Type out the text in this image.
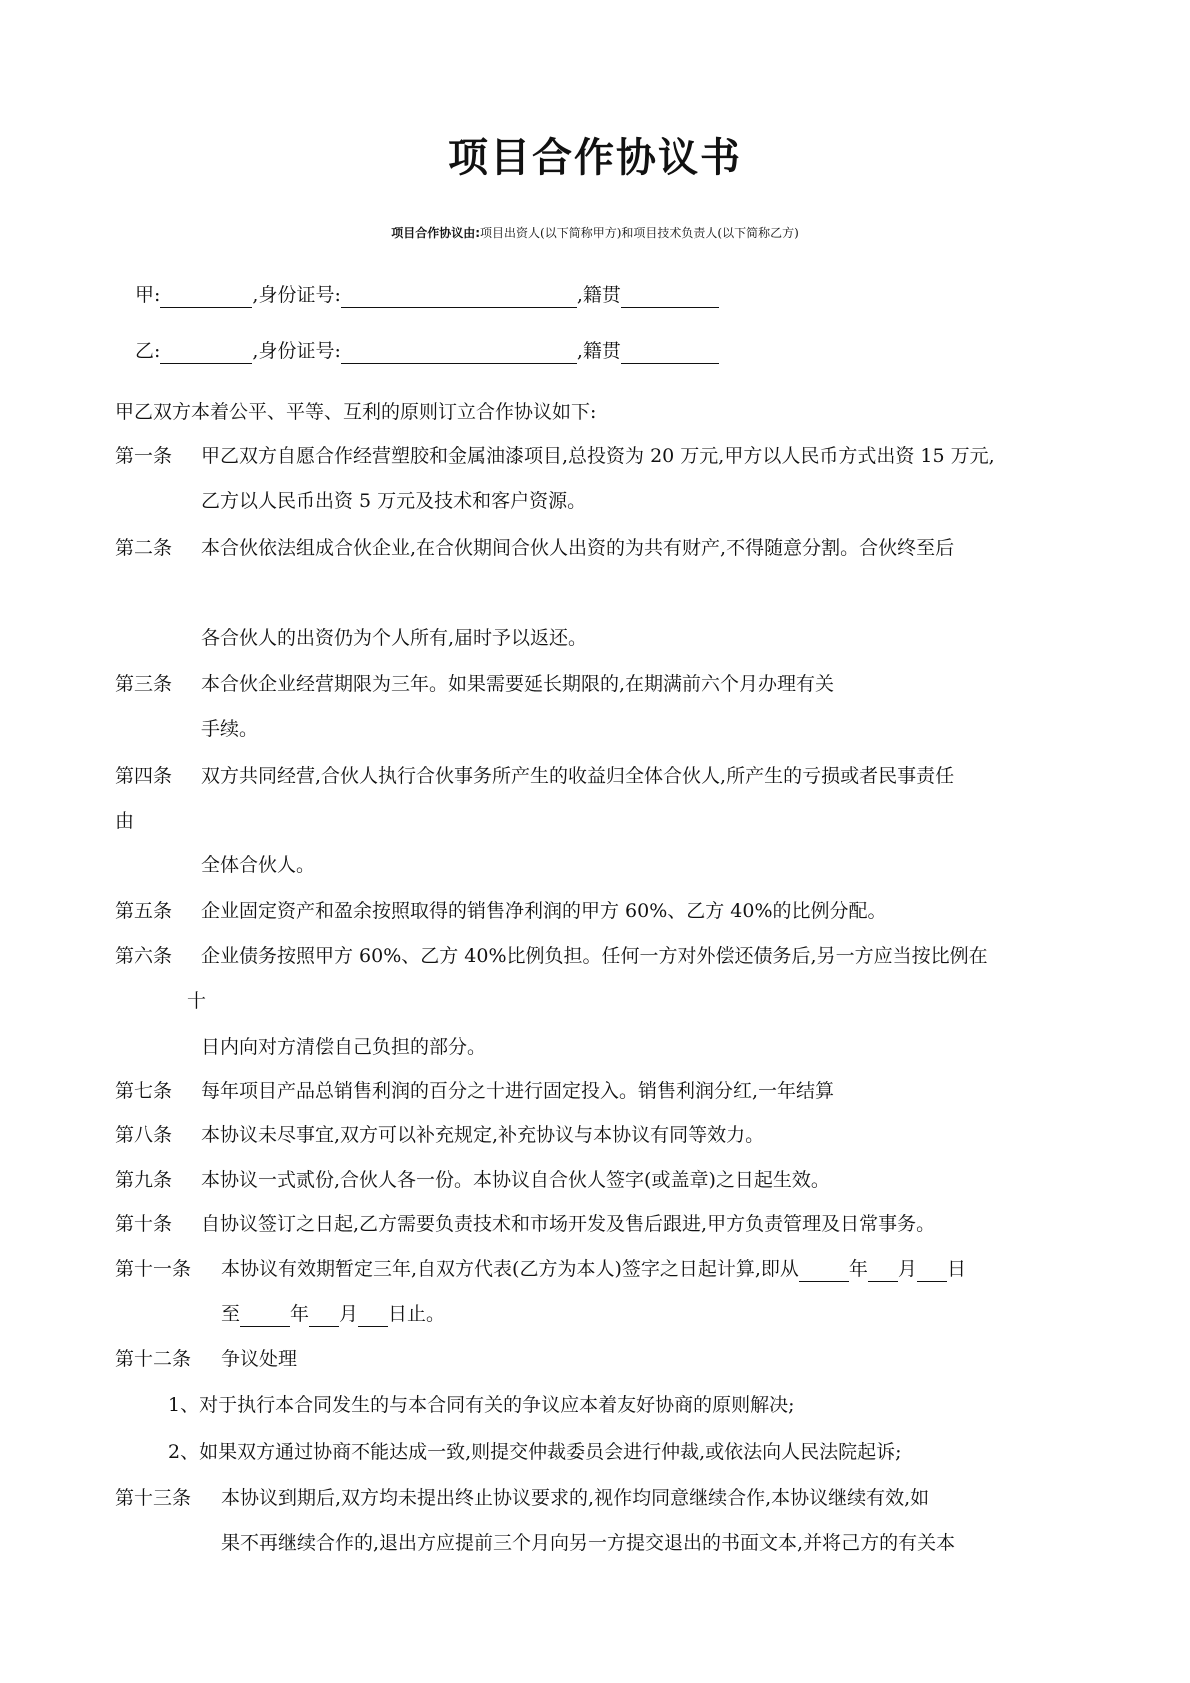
项目合作协议书
项目合作协议由:项目出资人(以下简称甲方)和项目技术负责人(以下简称乙方)
甲:	,身份证号:	,籍贯
乙:	,身份证号:	,籍贯
甲乙双方本着公平、平等、互利的原则订立合作协议如下:
第一条 甲乙双方自愿合作经营塑胶和金属油漆项目,总投资为 20 万元,甲方以人民币方式出资 15 万元,
乙方以人民币出资 5 万元及技术和客户资源。
第二条 本合伙依法组成合伙企业,在合伙期间合伙人出资的为共有财产,不得随意分割。合伙终至后
各合伙人的出资仍为个人所有,届时予以返还。
第三条 本合伙企业经营期限为三年。如果需要延长期限的,在期满前六个月办理有关
手续。
第四条 双方共同经营,合伙人执行合伙事务所产生的收益归全体合伙人,所产生的亏损或者民事责任
由
全体合伙人。
第五条 企业固定资产和盈余按照取得的销售净利润的甲方 60%、乙方 40%的比例分配。
第六条 企业债务按照甲方 60%、乙方 40%比例负担。任何一方对外偿还债务后,另一方应当按比例在
十
日内向对方清偿自己负担的部分。
第七条 每年项目产品总销售利润的百分之十进行固定投入。销售利润分红,一年结算
第八条 本协议未尽事宜,双方可以补充规定,补充协议与本协议有同等效力。
第九条 本协议一式贰份,合伙人各一份。本协议自合伙人签字(或盖章)之日起生效。
第十条 自协议签订之日起,乙方需要负责技术和市场开发及售后跟进,甲方负责管理及日常事务。
第十一条 本协议有效期暂定三年,自双方代表(乙方为本人)签字之日起计算,即从	年 月 日
至	年 月 日止。
第十二条 争议处理
1、对于执行本合同发生的与本合同有关的争议应本着友好协商的原则解决;
2、如果双方通过协商不能达成一致,则提交仲裁委员会进行仲裁,或依法向人民法院起诉;
第十三条 本协议到期后,双方均未提出终止协议要求的,视作均同意继续合作,本协议继续有效,如
果不再继续合作的,退出方应提前三个月向另一方提交退出的书面文本,并将己方的有关本
